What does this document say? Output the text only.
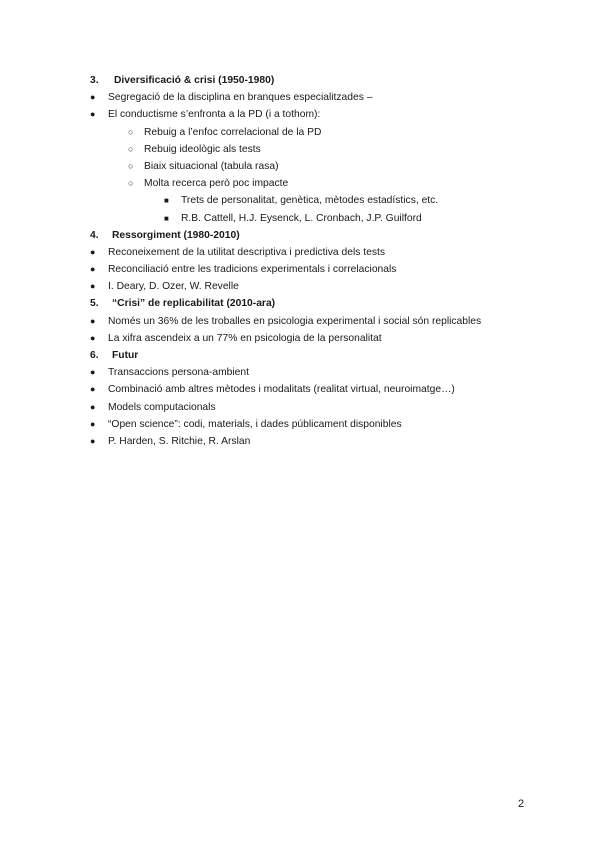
3. Diversificació & crisi (1950-1980)
● Segregació de la disciplina en branques especialitzades –
● El conductisme s’enfronta a la PD (i a tothom):
○ Rebuig a l’enfoc correlacional de la PD
○ Rebuig ideològic als tests
○ Biaix situacional (tabula rasa)
○ Molta recerca però poc impacte
■ Trets de personalitat, genètica, mètodes estadístics, etc.
■ R.B. Cattell, H.J. Eysenck, L. Cronbach, J.P. Guilford
4. Ressorgiment (1980-2010)
● Reconeixement de la utilitat descriptiva i predictiva dels tests
● Reconciliació entre les tradicions experimentals i correlacionals
● I. Deary, D. Ozer, W. Revelle
5. “Crisi” de replicabilitat (2010-ara)
● Només un 36% de les troballes en psicologia experimental i social són replicables
● La xifra ascendeix a un 77% en psicologia de la personalitat
6. Futur
● Transaccions persona-ambient
● Combinació amb altres mètodes i modalitats (realitat virtual, neuroimatge…)
● Models computacionals
● “Open science”: codi, materials, i dades públicament disponibles
● P. Harden, S. Ritchie, R. Arslan
2
